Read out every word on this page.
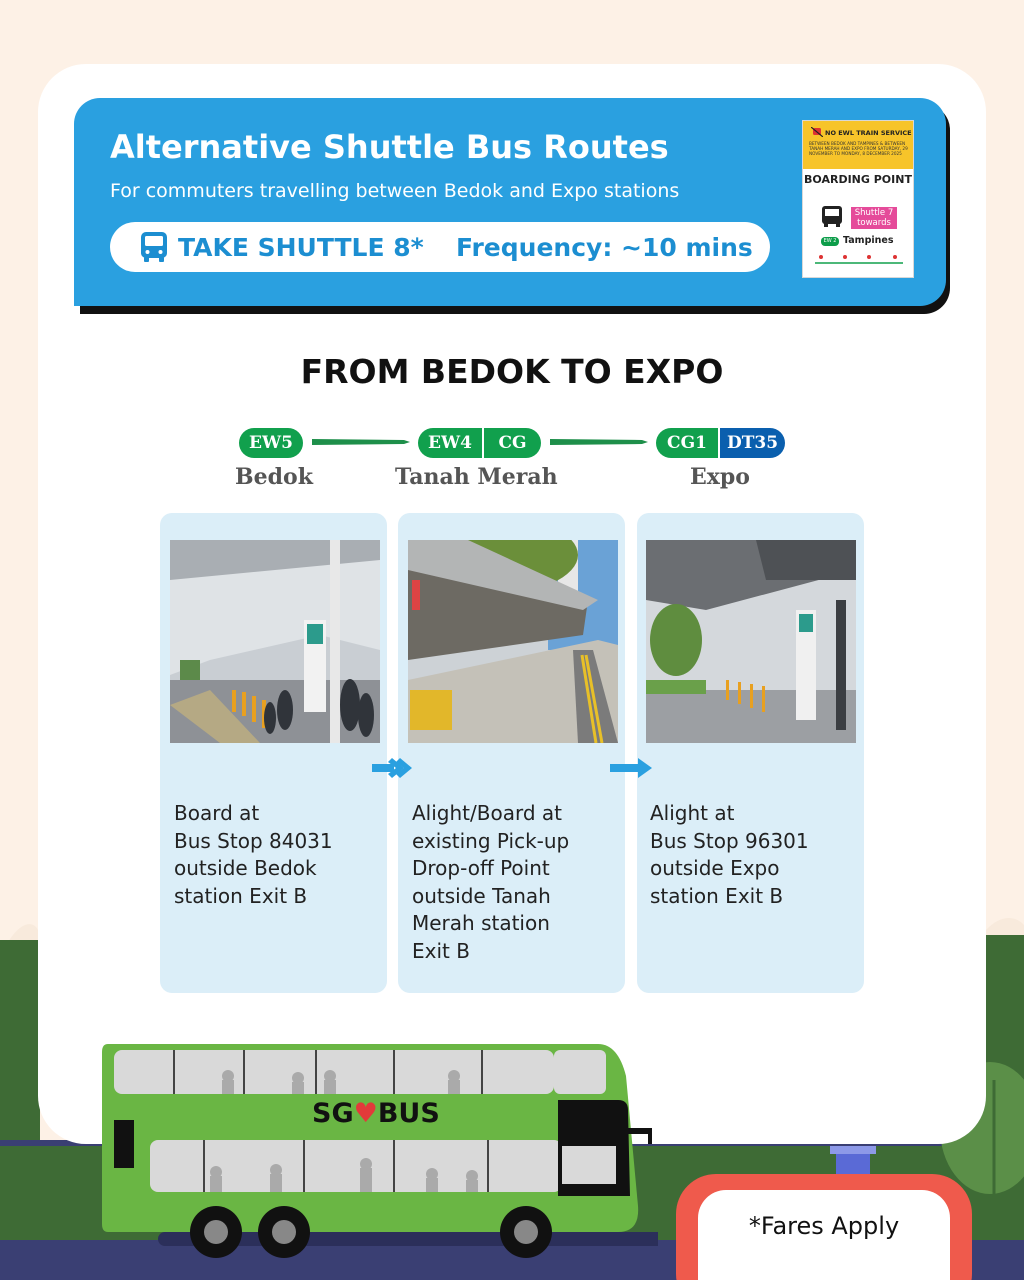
Alternative Shuttle Bus Routes
For commuters travelling between Bedok and Expo stations
TAKE SHUTTLE 8* Frequency: ~10 mins
NO EWL TRAIN SERVICE
BETWEEN BEDOK AND TAMPINES & BETWEEN TANAH MERAH AND EXPO FROM SATURDAY, 29 NOVEMBER TO MONDAY, 8 DECEMBER 2025
BOARDING POINT
Shuttle 7 towards
EW 2 Tampines
FROM BEDOK TO EXPO
EW5
Bedok
EW4	CG
Tanah Merah
CG1	DT35
Expo
Board at
Bus Stop 84031
outside Bedok
station Exit B
Alight/Board at
existing Pick-up
Drop-off Point
outside Tanah
Merah station
Exit B
Alight at
Bus Stop 96301
outside Expo
station Exit B
SG♥BUS
*Fares Apply
